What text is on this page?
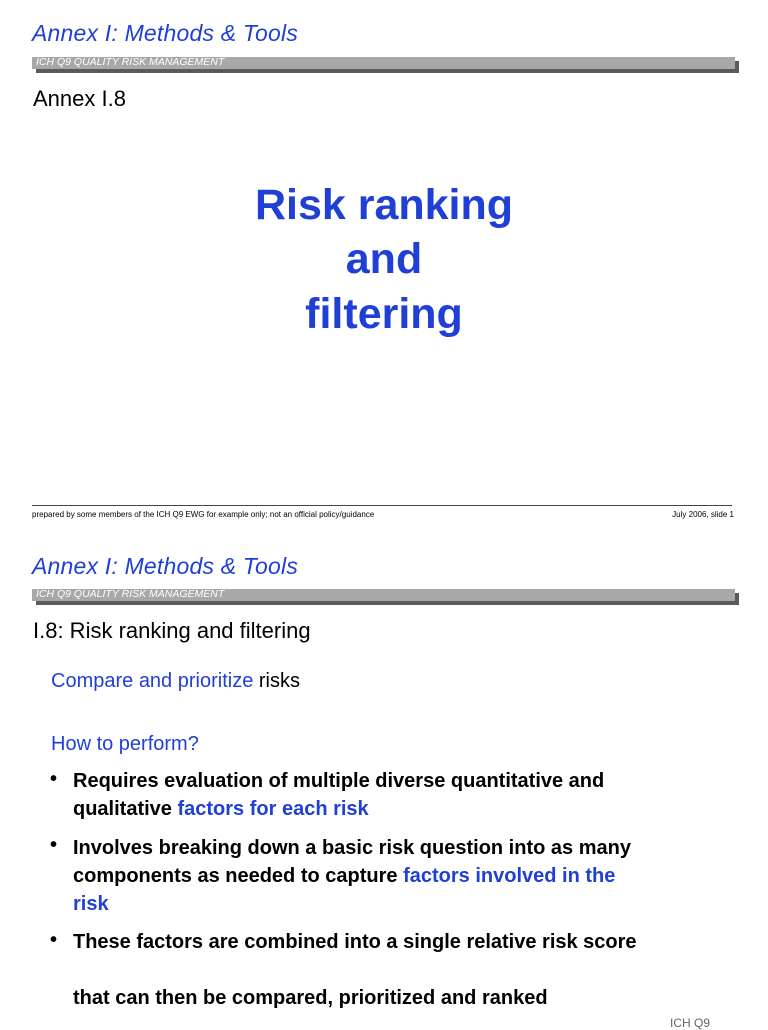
Annex I: Methods & Tools
ICH Q9 QUALITY RISK MANAGEMENT
Annex I.8
Risk ranking
and
filtering
prepared by some members of the ICH Q9 EWG for example only; not an official policy/guidance	July 2006, slide 1
Annex I: Methods & Tools
ICH Q9 QUALITY RISK MANAGEMENT
I.8: Risk ranking and filtering
Compare and prioritize risks
How to perform?
• Requires evaluation of multiple diverse quantitative and
qualitative factors for each risk
• Involves breaking down a basic risk question into as many
components as needed to capture factors involved in the
risk
• These factors are combined into a single relative risk score
that can then be compared, prioritized and ranked
ICH Q9
